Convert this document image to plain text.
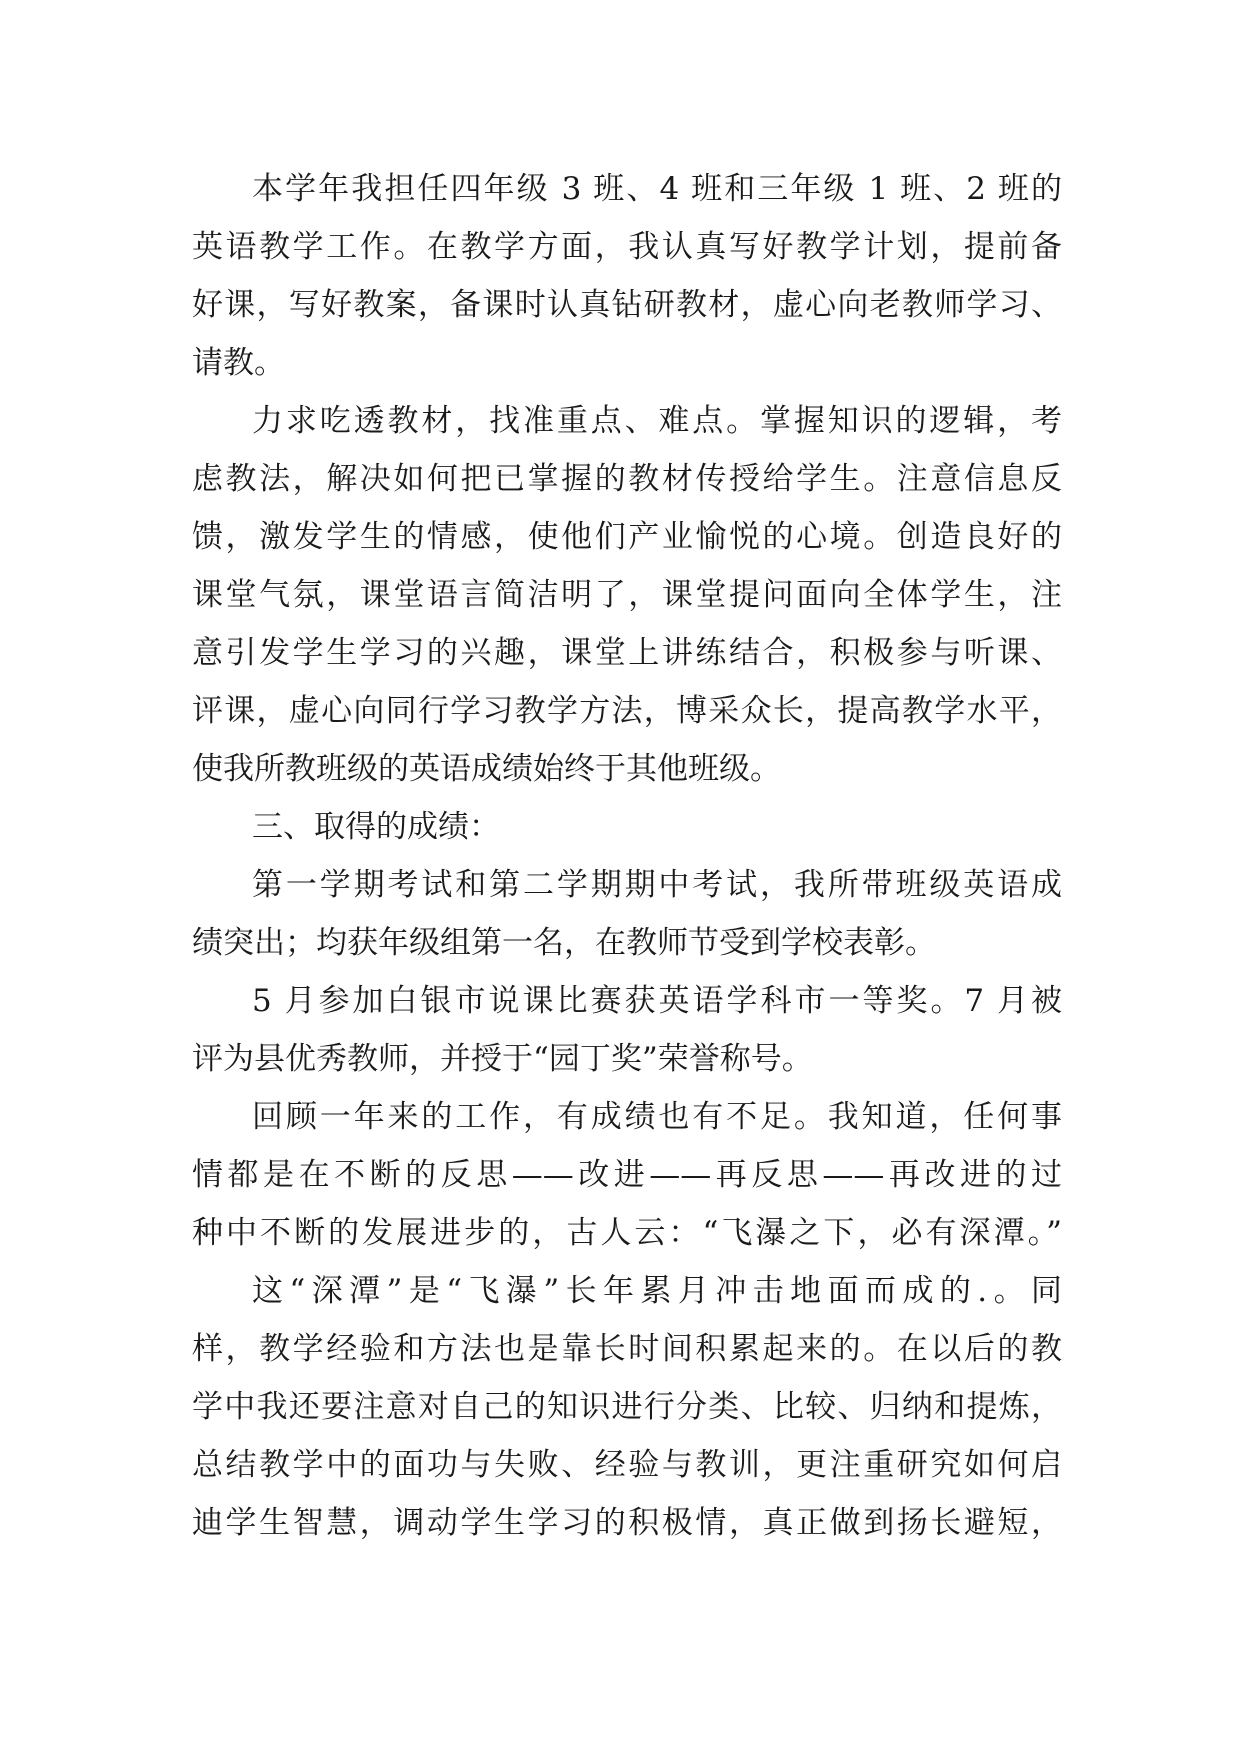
本学年我担任四年级 3 班、4 班和三年级 1 班、2 班的
英语教学工作。在教学方面，我认真写好教学计划，提前备
好课，写好教案，备课时认真钻研教材，虚心向老教师学习、
请教。
力求吃透教材，找准重点、难点。掌握知识的逻辑，考
虑教法，解决如何把已掌握的教材传授给学生。注意信息反
馈，激发学生的情感，使他们产业愉悦的心境。创造良好的
课堂气氛，课堂语言简洁明了，课堂提问面向全体学生，注
意引发学生学习的兴趣，课堂上讲练结合，积极参与听课、
评课，虚心向同行学习教学方法，博采众长，提高教学水平，
使我所教班级的英语成绩始终于其他班级。
三、取得的成绩：
第一学期考试和第二学期期中考试，我所带班级英语成
绩突出；均获年级组第一名，在教师节受到学校表彰。
5 月参加白银市说课比赛获英语学科市一等奖。7 月被
评为县优秀教师，并授于“园丁奖”荣誉称号。
回顾一年来的工作，有成绩也有不足。我知道，任何事
情都是在不断的反思——改进——再反思——再改进的过
种中不断的发展进步的，古人云：“飞瀑之下，必有深潭。”
这“深潭”是“飞瀑”长年累月冲击地面而成的.。同
样，教学经验和方法也是靠长时间积累起来的。在以后的教
学中我还要注意对自己的知识进行分类、比较、归纳和提炼，
总结教学中的面功与失败、经验与教训，更注重研究如何启
迪学生智慧，调动学生学习的积极情，真正做到扬长避短，
